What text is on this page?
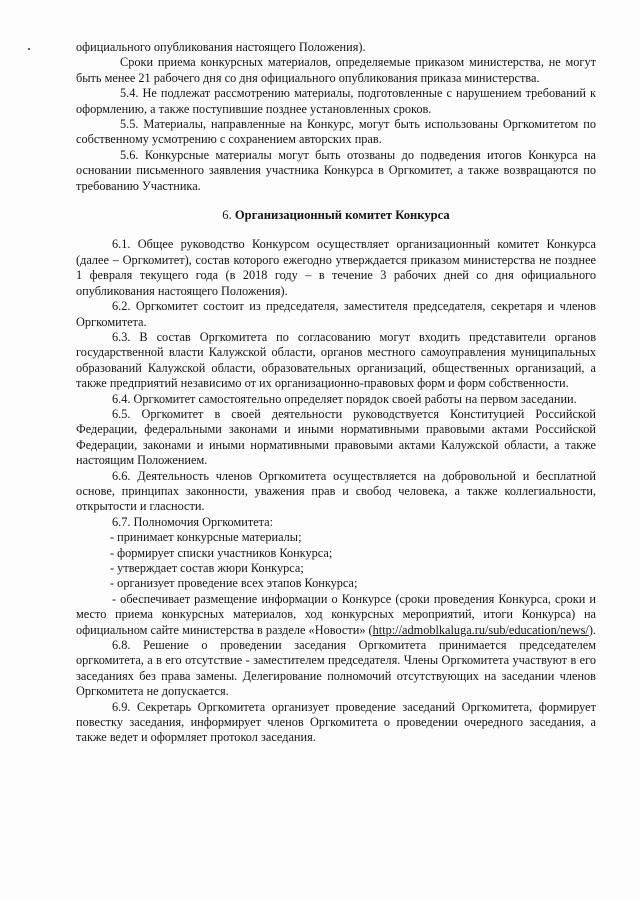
официального опубликования настоящего Положения).

Сроки приема конкурсных материалов, определяемые приказом министерства, не могут быть менее 21 рабочего дня со дня официального опубликования приказа министерства.

5.4. Не подлежат рассмотрению материалы, подготовленные с нарушением требований к оформлению, а также поступившие позднее установленных сроков.

5.5. Материалы, направленные на Конкурс, могут быть использованы Оргкомитетом по собственному усмотрению с сохранением авторских прав.

5.6. Конкурсные материалы могут быть отозваны до подведения итогов Конкурса на основании письменного заявления участника Конкурса в Оргкомитет, а также возвращаются по требованию Участника.

6. Организационный комитет Конкурса

6.1. Общее руководство Конкурсом осуществляет организационный комитет Конкурса (далее – Оргкомитет), состав которого ежегодно утверждается приказом министерства не позднее 1 февраля текущего года (в 2018 году – в течение 3 рабочих дней со дня официального опубликования настоящего Положения).

6.2. Оргкомитет состоит из председателя, заместителя председателя, секретаря и членов Оргкомитета.

6.3. В состав Оргкомитета по согласованию могут входить представители органов государственной власти Калужской области, органов местного самоуправления муниципальных образований Калужской области, образовательных организаций, общественных организаций, а также предприятий независимо от их организационно-правовых форм и форм собственности.

6.4. Оргкомитет самостоятельно определяет порядок своей работы на первом заседании.

6.5. Оргкомитет в своей деятельности руководствуется Конституцией Российской Федерации, федеральными законами и иными нормативными правовыми актами Российской Федерации, законами и иными нормативными правовыми актами Калужской области, а также настоящим Положением.

6.6. Деятельность членов Оргкомитета осуществляется на добровольной и бесплатной основе, принципах законности, уважения прав и свобод человека, а также коллегиальности, открытости и гласности.

6.7. Полномочия Оргкомитета:

- принимает конкурсные материалы;

- формирует списки участников Конкурса;

- утверждает состав жюри Конкурса;

- организует проведение всех этапов Конкурса;

- обеспечивает размещение информации о Конкурсе (сроки проведения Конкурса, сроки и место приема конкурсных материалов, ход конкурсных мероприятий, итоги Конкурса) на официальном сайте министерства в разделе «Новости» (http://admoblkaluga.ru/sub/education/news/).

6.8. Решение о проведении заседания Оргкомитета принимается председателем оргкомитета, а в его отсутствие - заместителем председателя. Члены Оргкомитета участвуют в его заседаниях без права замены. Делегирование полномочий отсутствующих на заседании членов Оргкомитета не допускается.

6.9. Секретарь Оргкомитета организует проведение заседаний Оргкомитета, формирует повестку заседания, информирует членов Оргкомитета о проведении очередного заседания, а также ведет и оформляет протокол заседания.
